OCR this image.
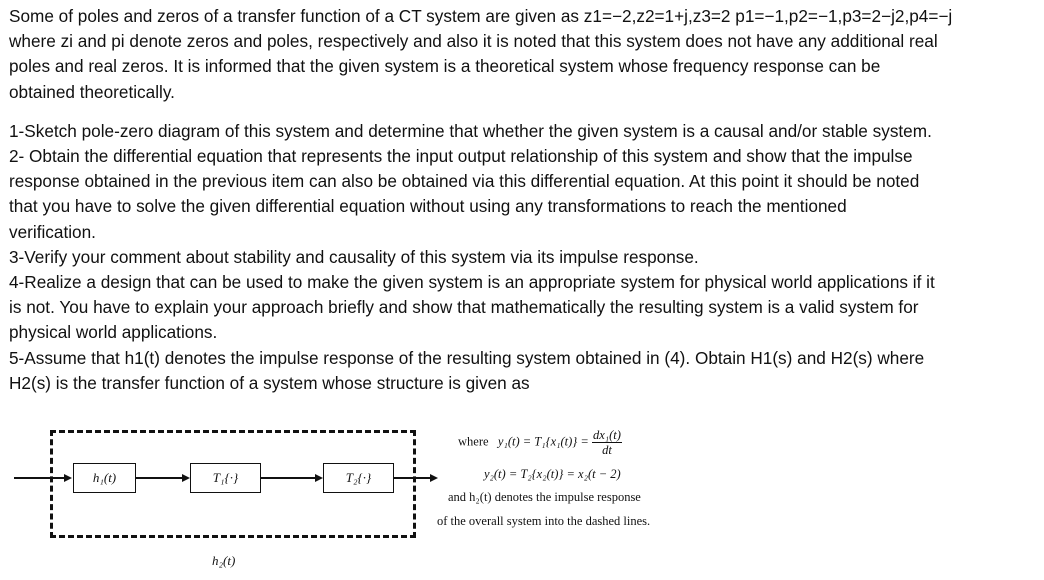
Some of poles and zeros of a transfer function of a CT system are given as z1=−2,z2=1+j,z3=2 p1=−1,p2=−1,p3=2−j2,p4=−j

where zi and pi denote zeros and poles, respectively and also it is noted that this system does not have any additional real

poles and real zeros. It is informed that the given system is a theoretical system whose frequency response can be

obtained theoretically.

1-Sketch pole-zero diagram of this system and determine that whether the given system is a causal and/or stable system.

2- Obtain the differential equation that represents the input output relationship of this system and show that the impulse

response obtained in the previous item can also be obtained via this differential equation. At this point it should be noted

that you have to solve the given differential equation without using any transformations to reach the mentioned

verification.

3-Verify your comment about stability and causality of this system via its impulse response.

4-Realize a design that can be used to make the given system is an appropriate system for physical world applications if it

is not. You have to explain your approach briefly and show that mathematically the resulting system is a valid system for

physical world applications.

5-Assume that h1(t) denotes the impulse response of the resulting system obtained in (4). Obtain H1(s) and H2(s) where

H2(s) is the transfer function of a system whose structure is given as

h₁(t)	T₁{·}	T₂{·}
h₂(t)
where $y_1(t) = T_1\{x_1(t)\} = \frac{\text{dx₁(t)}}{dt}$
y₂(t) = T₂{x₂(t)} = x₂(t − 2)
and h₂(t) denotes the impulse response
of the overall system into the dashed lines.
